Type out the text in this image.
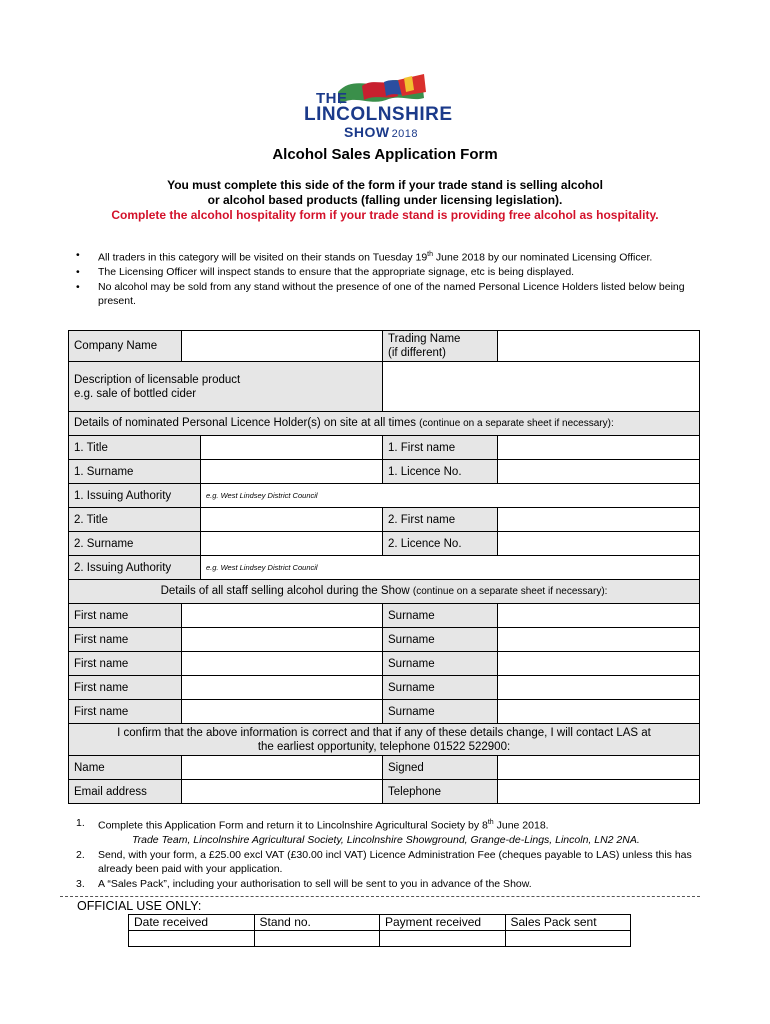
THE
LINCOLNSHIRE
SHOW 2018
Alcohol Sales Application Form
You must complete this side of the form if your trade stand is selling alcohol
or alcohol based products (falling under licensing legislation).
Complete the alcohol hospitality form if your trade stand is providing free alcohol as hospitality.
• All traders in this category will be visited on their stands on Tuesday 19th June 2018 by our nominated Licensing Officer.
• The Licensing Officer will inspect stands to ensure that the appropriate signage, etc is being displayed.
• No alcohol may be sold from any stand without the presence of one of the named Personal Licence Holders listed below being present.
Company Name			Trading Name
(if different)	

Description of licensable product
e.g. sale of bottled cider				

Details of nominated Personal Licence Holder(s) on site at all times (continue on a separate sheet if necessary):				
1. Title			1. First name	
1. Surname			1. Licence No.	
1. Issuing Authority		e.g. West Lindsey District Council		
2. Title			2. First name	
2. Surname			2. Licence No.	
2. Issuing Authority		e.g. West Lindsey District Council		
Details of all staff selling alcohol during the Show (continue on a separate sheet if necessary):				
First name			Surname	
First name			Surname	
First name			Surname	
First name			Surname	
First name			Surname	

I confirm that the above information is correct and that if any of these details change, I will contact LAS at
the earliest opportunity, telephone 01522 522900:				

Name			Signed	
Email address			Telephone	
1. Complete this Application Form and return it to Lincolnshire Agricultural Society by 8th June 2018.
Trade Team, Lincolnshire Agricultural Society, Lincolnshire Showground, Grange-de-Lings, Lincoln, LN2 2NA.
2. Send, with your form, a £25.00 excl VAT (£30.00 incl VAT) Licence Administration Fee (cheques payable to LAS) unless this has already been paid with your application.
3. A “Sales Pack”, including your authorisation to sell will be sent to you in advance of the Show.
OFFICIAL USE ONLY:
Date received	Stand no.	Payment received	Sales Pack sent
